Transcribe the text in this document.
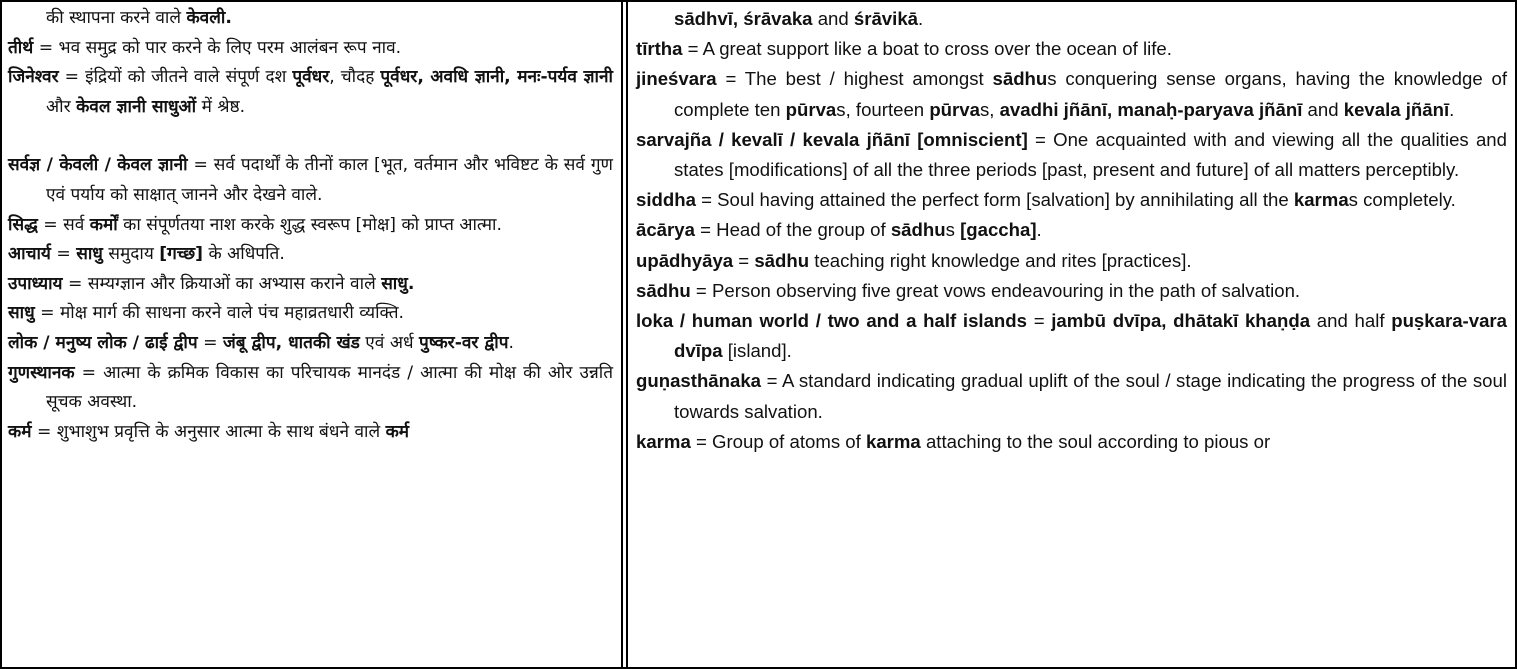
की स्थापना करने वाले केवली.
तीर्थ = भव समुद्र को पार करने के लिए परम आलंबन रूप नाव.
जिनेश्वर = इंद्रियों को जीतने वाले संपूर्ण दश पूर्वधर, चौदह पूर्वधर, अवधि ज्ञानी, मनः-पर्यव ज्ञानी और केवल ज्ञानी साधुओं में श्रेष्ठ.
सर्वज्ञ / केवली / केवल ज्ञानी = सर्व पदार्थों के तीनों काल [भूत, वर्तमान और भविष्टट के सर्व गुण एवं पर्याय को साक्षात् जानने और देखने वाले.
सिद्ध = सर्व कर्मों का संपूर्णतया नाश करके शुद्ध स्वरूप [मोक्ष] को प्राप्त आत्मा.
आचार्य = साधु समुदाय [गच्छ] के अधिपति.
उपाध्याय = सम्यग्ज्ञान और क्रियाओं का अभ्यास कराने वाले साधु.
साधु = मोक्ष मार्ग की साधना करने वाले पंच महाव्रतधारी व्यक्ति.
लोक / मनुष्य लोक / ढाई द्वीप = जंबू द्वीप, धातकी खंड एवं अर्ध पुष्कर-वर द्वीप.
गुणस्थानक = आत्मा के क्रमिक विकास का परिचायक मानदंड / आत्मा की मोक्ष की ओर उन्नति सूचक अवस्था.
कर्म = शुभाशुभ प्रवृत्ति के अनुसार आत्मा के साथ बंधने वाले कर्म
sādhvī, śrāvaka and śrāvikā.
tīrtha = A great support like a boat to cross over the ocean of life.
jineśvara = The best / highest amongst sādhus conquering sense organs, having the knowledge of complete ten pūrvas, fourteen pūrvas, avadhi jñānī, manaḥ-paryava jñānī and kevala jñānī.
sarvajña / kevalī / kevala jñānī [omniscient] = One acquainted with and viewing all the qualities and states [modifications] of all the three periods [past, present and future] of all matters perceptibly.
siddha = Soul having attained the perfect form [salvation] by annihilating all the karmas completely.
ācārya = Head of the group of sādhus [gaccha].
upādhyāya = sādhu teaching right knowledge and rites [practices].
sādhu = Person observing five great vows endeavouring in the path of salvation.
loka / human world / two and a half islands = jambū dvīpa, dhātakī khaṇḍa and half puṣkara-vara dvīpa [island].
guṇasthānaka = A standard indicating gradual uplift of the soul / stage indicating the progress of the soul towards salvation.
karma = Group of atoms of karma attaching to the soul according to pious or
